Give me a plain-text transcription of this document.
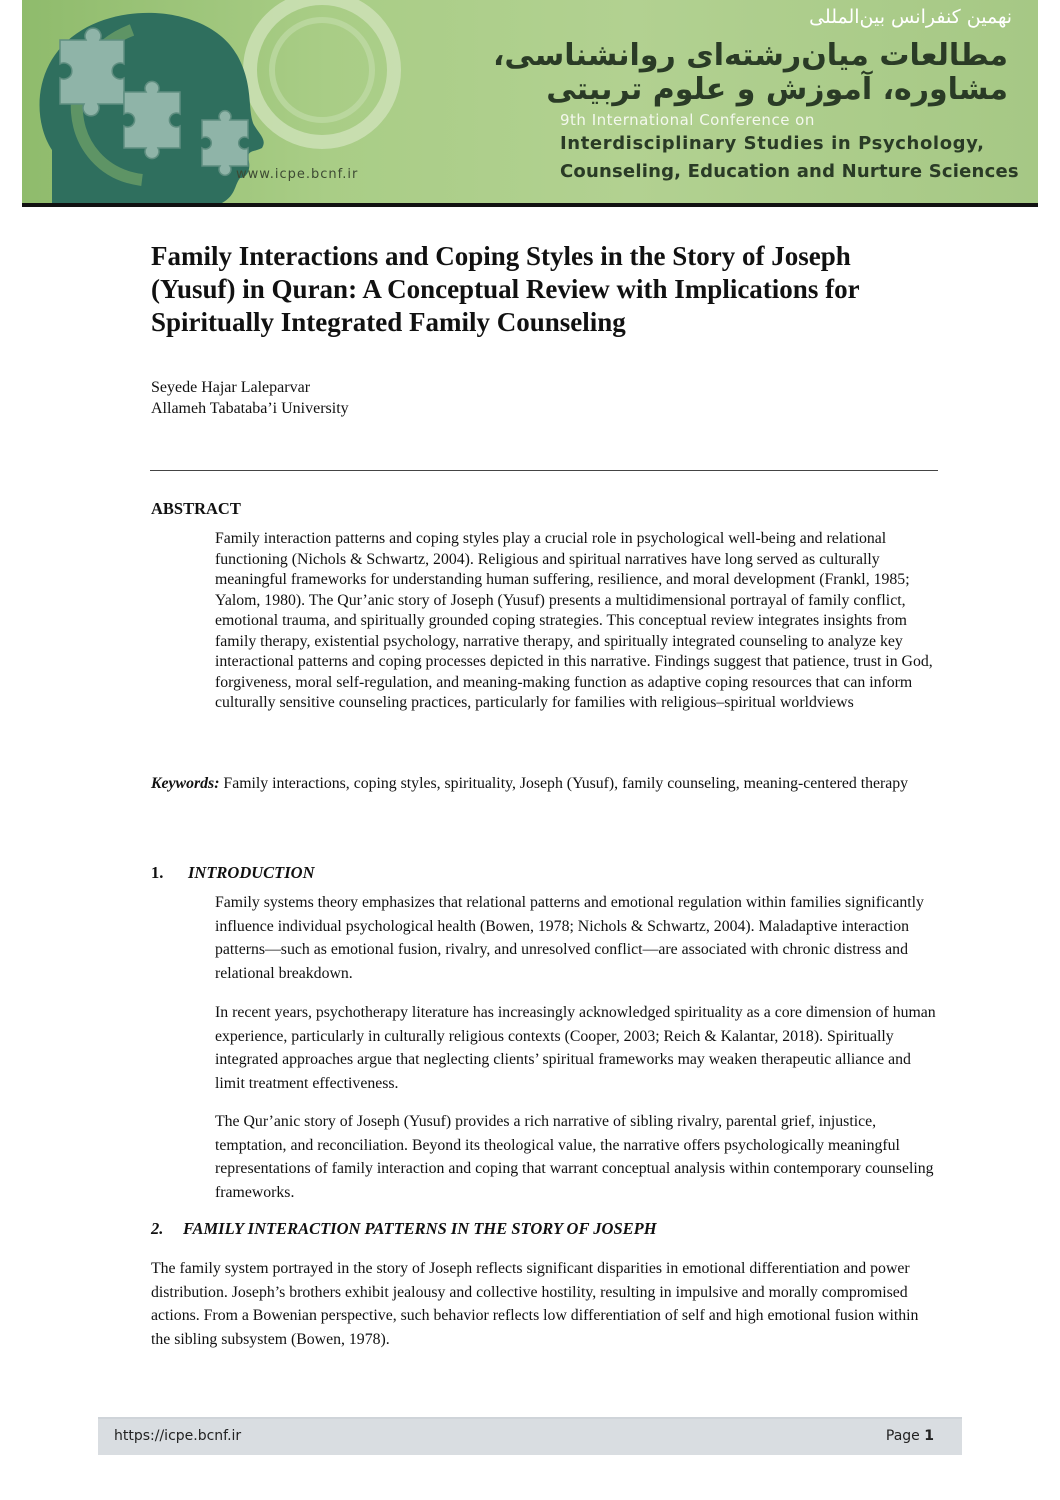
www.icpe.bcnf.ir
نهمین کنفرانس بین‌المللی
مطالعات میان‌رشته‌ای روانشناسی،
مشاوره، آموزش و علوم تربیتی
9th International Conference on
Interdisciplinary Studies in Psychology,
Counseling, Education and Nurture Sciences
Family Interactions and Coping Styles in the Story of Joseph (Yusuf) in Quran: A Conceptual Review with Implications for Spiritually Integrated Family Counseling
Seyede Hajar Laleparvar
Allameh Tabataba’i University
ABSTRACT

Family interaction patterns and coping styles play a crucial role in psychological well-being and relational functioning (Nichols & Schwartz, 2004). Religious and spiritual narratives have long served as culturally meaningful frameworks for understanding human suffering, resilience, and moral development (Frankl, 1985; Yalom, 1980). The Qur’anic story of Joseph (Yusuf) presents a multidimensional portrayal of family conflict, emotional trauma, and spiritually grounded coping strategies. This conceptual review integrates insights from family therapy, existential psychology, narrative therapy, and spiritually integrated counseling to analyze key interactional patterns and coping processes depicted in this narrative. Findings suggest that patience, trust in God, forgiveness, moral self-regulation, and meaning-making function as adaptive coping resources that can inform culturally sensitive counseling practices, particularly for families with religious–spiritual worldviews

Keywords: Family interactions, coping styles, spirituality, Joseph (Yusuf), family counseling, meaning-centered therapy

1. INTRODUCTION

Family systems theory emphasizes that relational patterns and emotional regulation within families significantly influence individual psychological health (Bowen, 1978; Nichols & Schwartz, 2004). Maladaptive interaction patterns—such as emotional fusion, rivalry, and unresolved conflict—are associated with chronic distress and relational breakdown.

In recent years, psychotherapy literature has increasingly acknowledged spirituality as a core dimension of human experience, particularly in culturally religious contexts (Cooper, 2003; Reich & Kalantar, 2018). Spiritually integrated approaches argue that neglecting clients’ spiritual frameworks may weaken therapeutic alliance and limit treatment effectiveness.

The Qur’anic story of Joseph (Yusuf) provides a rich narrative of sibling rivalry, parental grief, injustice, temptation, and reconciliation. Beyond its theological value, the narrative offers psychologically meaningful representations of family interaction and coping that warrant conceptual analysis within contemporary counseling frameworks.

2. FAMILY INTERACTION PATTERNS IN THE STORY OF JOSEPH

The family system portrayed in the story of Joseph reflects significant disparities in emotional differentiation and power distribution. Joseph’s brothers exhibit jealousy and collective hostility, resulting in impulsive and morally compromised actions. From a Bowenian perspective, such behavior reflects low differentiation of self and high emotional fusion within the sibling subsystem (Bowen, 1978).

https://icpe.bcnf.ir	Page 1
